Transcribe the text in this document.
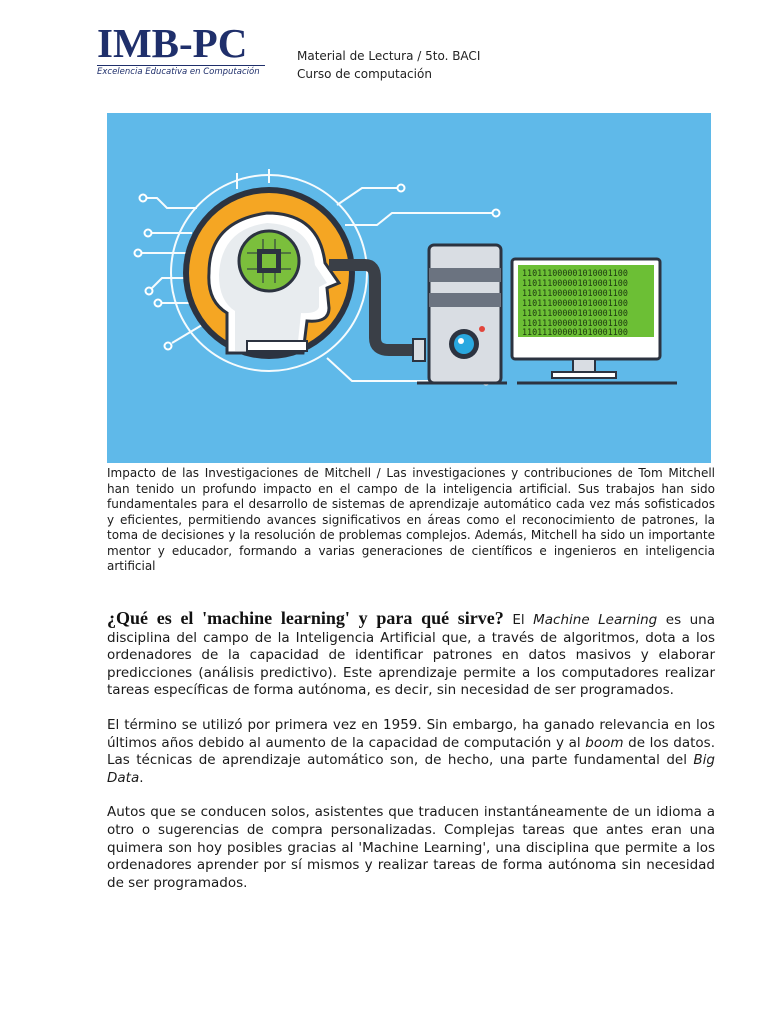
IMB-PC
Excelencia Educativa en Computación
Material de Lectura / 5to. BACI
Curso de computación
110111000001010001100
110111000001010001100
110111000001010001100
110111000001010001100
110111000001010001100
110111000001010001100
110111000001010001100
Impacto de las Investigaciones de Mitchell / Las investigaciones y contribuciones de Tom Mitchell han tenido un profundo impacto en el campo de la inteligencia artificial. Sus trabajos han sido fundamentales para el desarrollo de sistemas de aprendizaje automático cada vez más sofisticados y eficientes, permitiendo avances significativos en áreas como el reconocimiento de patrones, la toma de decisiones y la resolución de problemas complejos. Además, Mitchell ha sido un importante mentor y educador, formando a varias generaciones de científicos e ingenieros en inteligencia artificial

¿Qué es el 'machine learning' y para qué sirve? El Machine Learning es una disciplina del campo de la Inteligencia Artificial que, a través de algoritmos, dota a los ordenadores de la capacidad de identificar patrones en datos masivos y elaborar predicciones (análisis predictivo). Este aprendizaje permite a los computadores realizar tareas específicas de forma autónoma, es decir, sin necesidad de ser programados.

El término se utilizó por primera vez en 1959. Sin embargo, ha ganado relevancia en los últimos años debido al aumento de la capacidad de computación y al boom de los datos. Las técnicas de aprendizaje automático son, de hecho, una parte fundamental del Big Data.

Autos que se conducen solos, asistentes que traducen instantáneamente de un idioma a otro o sugerencias de compra personalizadas. Complejas tareas que antes eran una quimera son hoy posibles gracias al 'Machine Learning', una disciplina que permite a los ordenadores aprender por sí mismos y realizar tareas de forma autónoma sin necesidad de ser programados.
